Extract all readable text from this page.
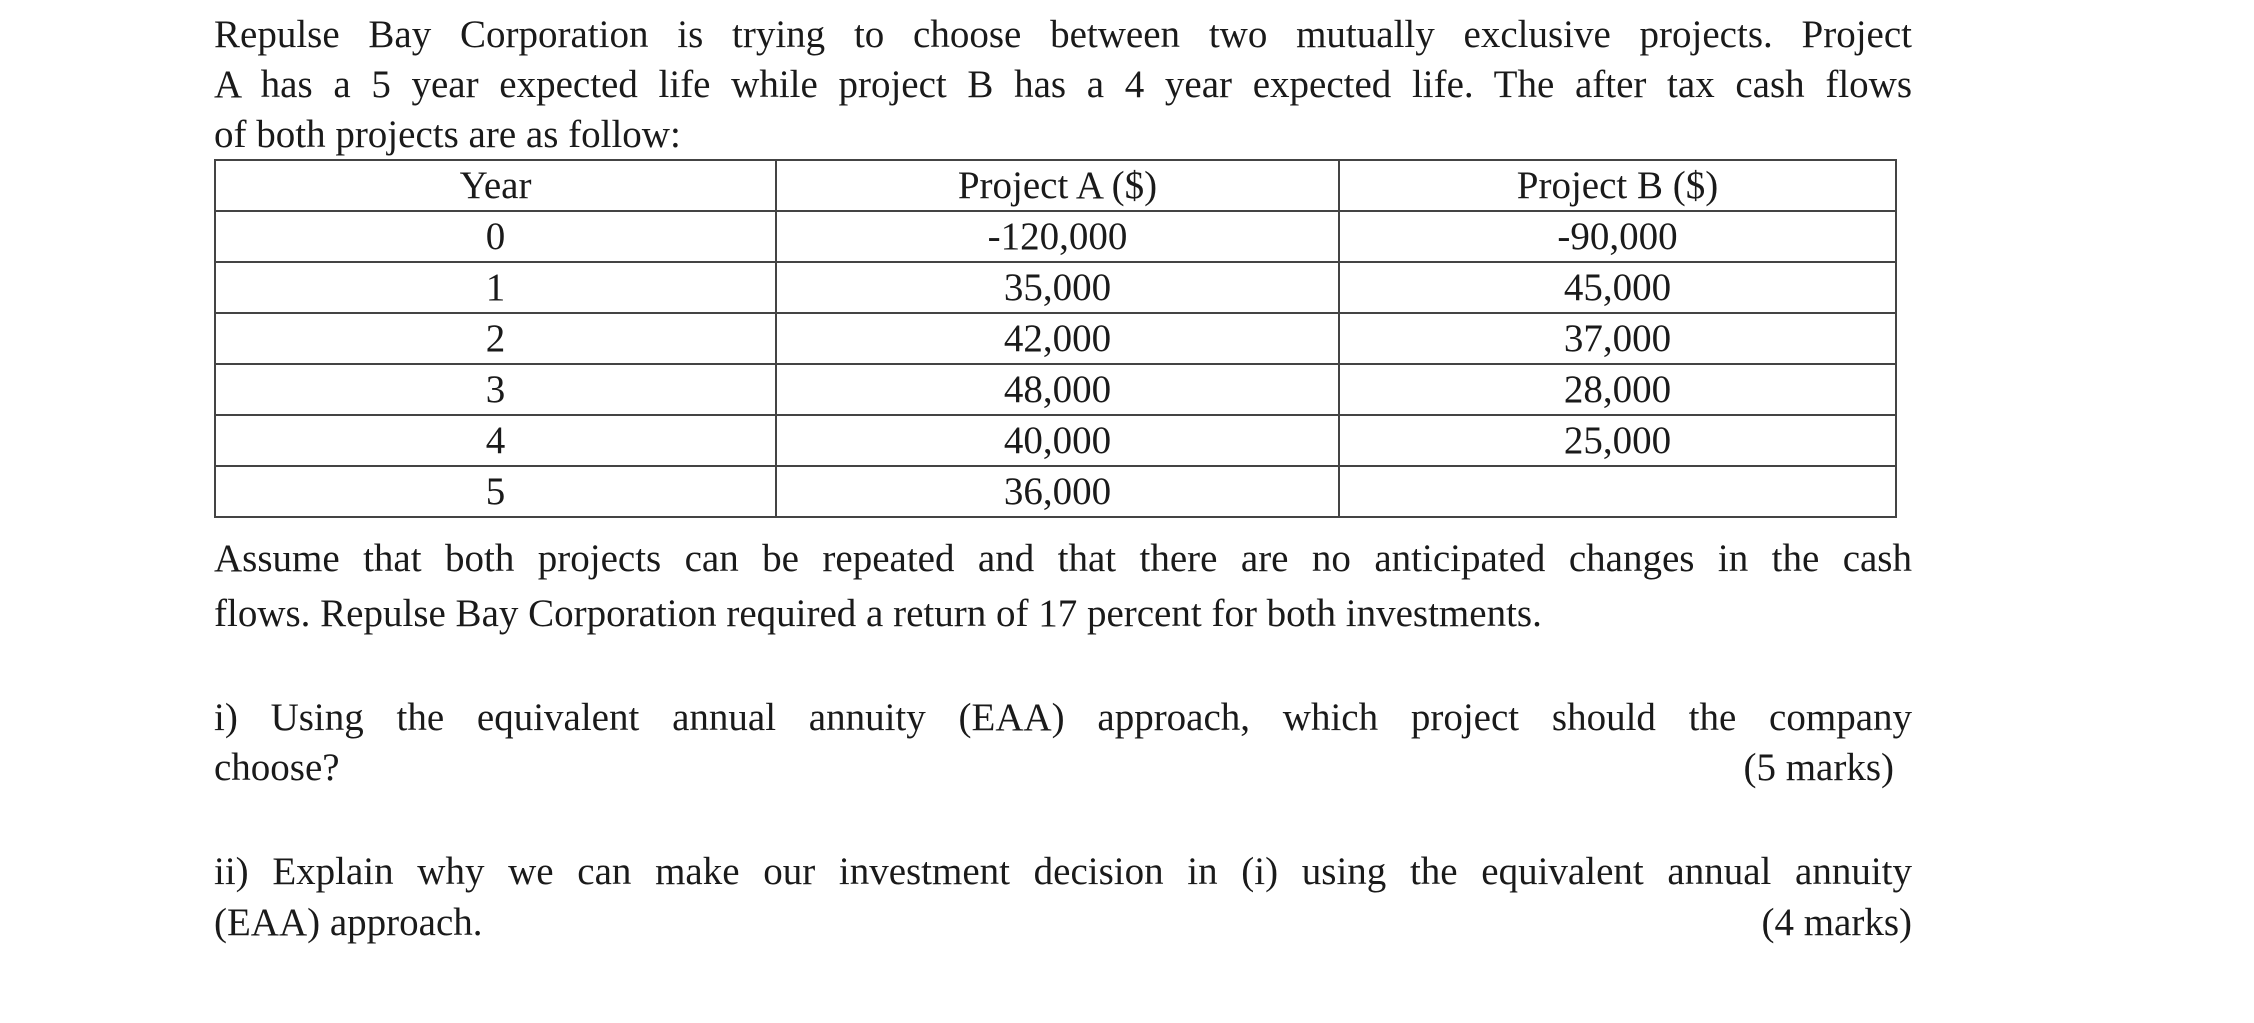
Repulse Bay Corporation is trying to choose between two mutually exclusive projects. Project
A has a 5 year expected life while project B has a 4 year expected life. The after tax cash flows
of both projects are as follow:
Year	Project A ($)	Project B ($)
0	-120,000	-90,000
1	35,000	45,000
2	42,000	37,000
3	48,000	28,000
4	40,000	25,000
5	36,000	
Assume that both projects can be repeated and that there are no anticipated changes in the cash
flows. Repulse Bay Corporation required a return of 17 percent for both investments.
i) Using the equivalent annual annuity (EAA) approach, which project should the company
choose?	(5 marks)
ii) Explain why we can make our investment decision in (i) using the equivalent annual annuity
(EAA) approach.	(4 marks)
